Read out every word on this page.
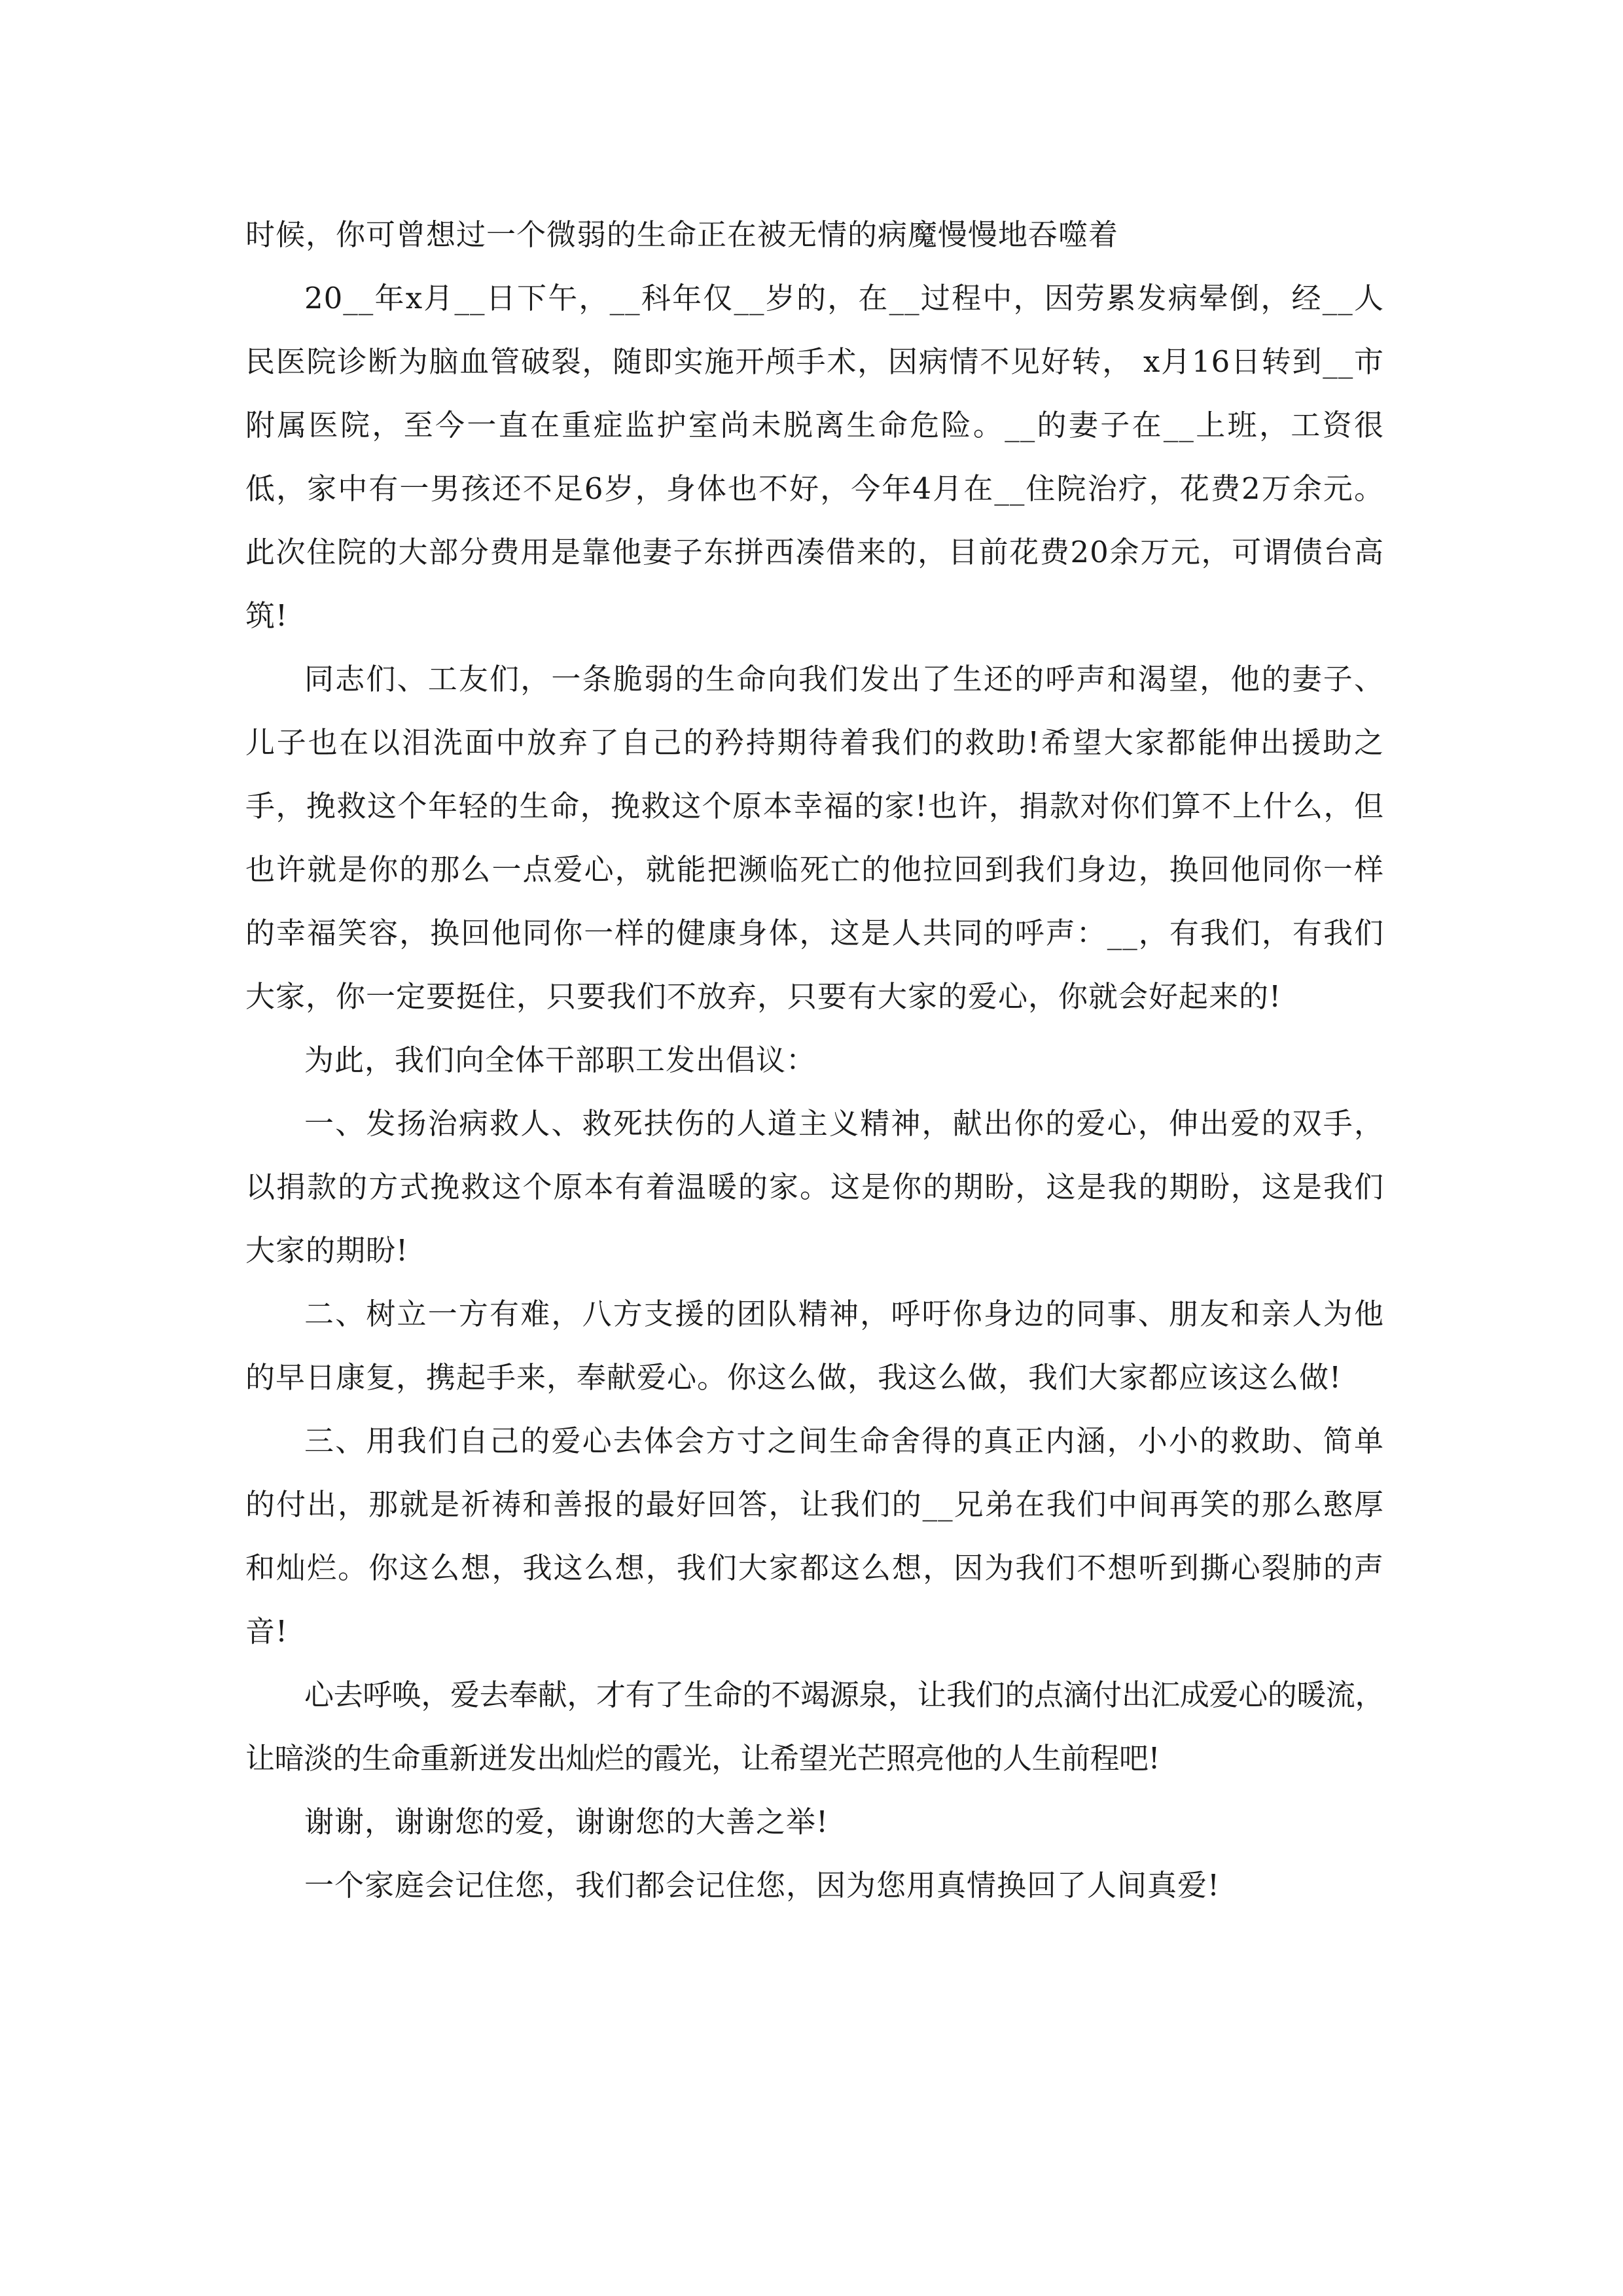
时候，你可曾想过一个微弱的生命正在被无情的病魔慢慢地吞噬着

20__年x月__日下午，__科年仅__岁的，在__过程中，因劳累发病晕倒，经__人民医院诊断为脑血管破裂，随即实施开颅手术，因病情不见好转， x月16日转到__市附属医院，至今一直在重症监护室尚未脱离生命危险。__的妻子在__上班，工资很低，家中有一男孩还不足6岁，身体也不好，今年4月在__住院治疗，花费2万余元。此次住院的大部分费用是靠他妻子东拼西凑借来的，目前花费20余万元，可谓债台高筑!

同志们、工友们，一条脆弱的生命向我们发出了生还的呼声和渴望，他的妻子、儿子也在以泪洗面中放弃了自己的矜持期待着我们的救助!希望大家都能伸出援助之手，挽救这个年轻的生命，挽救这个原本幸福的家!也许，捐款对你们算不上什么，但也许就是你的那么一点爱心，就能把濒临死亡的他拉回到我们身边，换回他同你一样的幸福笑容，换回他同你一样的健康身体，这是人共同的呼声：__，有我们，有我们大家，你一定要挺住，只要我们不放弃，只要有大家的爱心，你就会好起来的!

为此，我们向全体干部职工发出倡议：

一、发扬治病救人、救死扶伤的人道主义精神，献出你的爱心，伸出爱的双手，以捐款的方式挽救这个原本有着温暖的家。这是你的期盼，这是我的期盼，这是我们大家的期盼!

二、树立一方有难，八方支援的团队精神，呼吁你身边的同事、朋友和亲人为他的早日康复，携起手来，奉献爱心。你这么做，我这么做，我们大家都应该这么做!

三、用我们自己的爱心去体会方寸之间生命舍得的真正内涵，小小的救助、简单的付出，那就是祈祷和善报的最好回答，让我们的__兄弟在我们中间再笑的那么憨厚和灿烂。你这么想，我这么想，我们大家都这么想，因为我们不想听到撕心裂肺的声音!

心去呼唤，爱去奉献，才有了生命的不竭源泉，让我们的点滴付出汇成爱心的暖流，让暗淡的生命重新迸发出灿烂的霞光，让希望光芒照亮他的人生前程吧!

谢谢，谢谢您的爱，谢谢您的大善之举!

一个家庭会记住您，我们都会记住您，因为您用真情换回了人间真爱!
